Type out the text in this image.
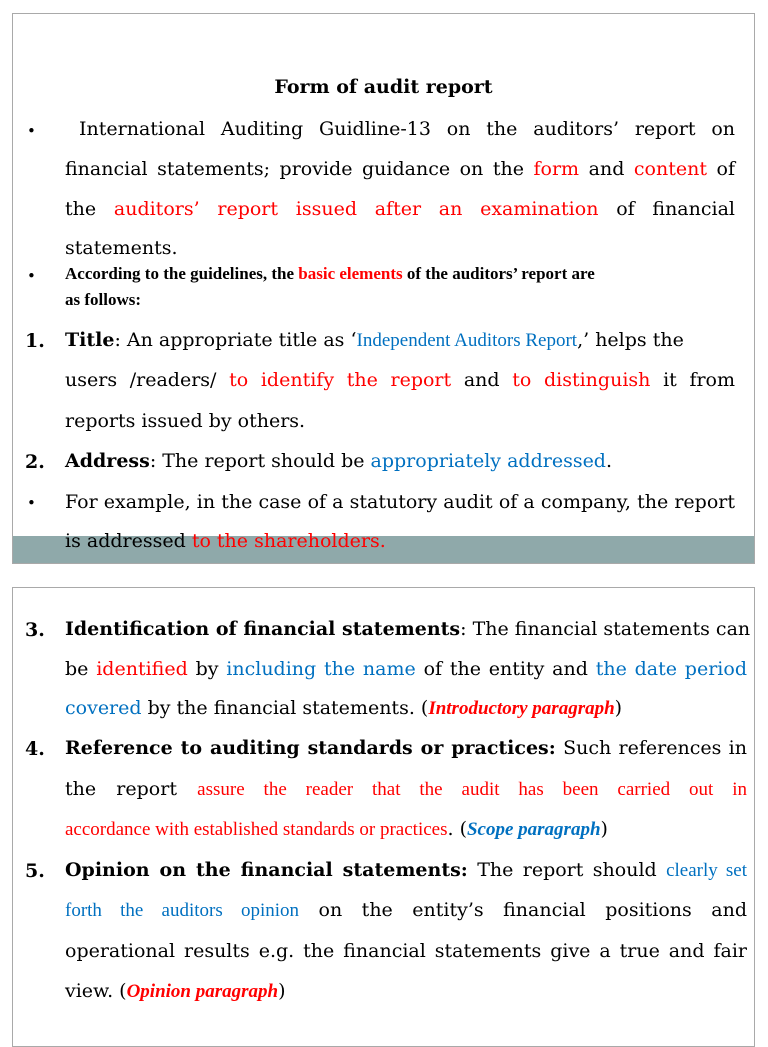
Form of audit report
• International Auditing Guidline-13 on the auditors’ report on
financial statements; provide guidance on the form and content of
the auditors’ report issued after an examination of financial
statements.
• According to the guidelines, the basic elements of the auditors’ report are
as follows:
1. Title: An appropriate title as ‘Independent Auditors Report,’ helps the
users /readers/ to identify the report and to distinguish it from
reports issued by others.
2. Address: The report should be appropriately addressed.
• For example, in the case of a statutory audit of a company, the report
is addressed to the shareholders.
3. Identification of financial statements: The financial statements can
be identified by including the name of the entity and the date period
covered by the financial statements. (Introductory paragraph)
4. Reference to auditing standards or practices: Such references in
the report assure the reader that the audit has been carried out in
accordance with established standards or practices. (Scope paragraph)
5. Opinion on the financial statements: The report should clearly set
forth the auditors opinion on the entity’s financial positions and
operational results e.g. the financial statements give a true and fair
view. (Opinion paragraph)
